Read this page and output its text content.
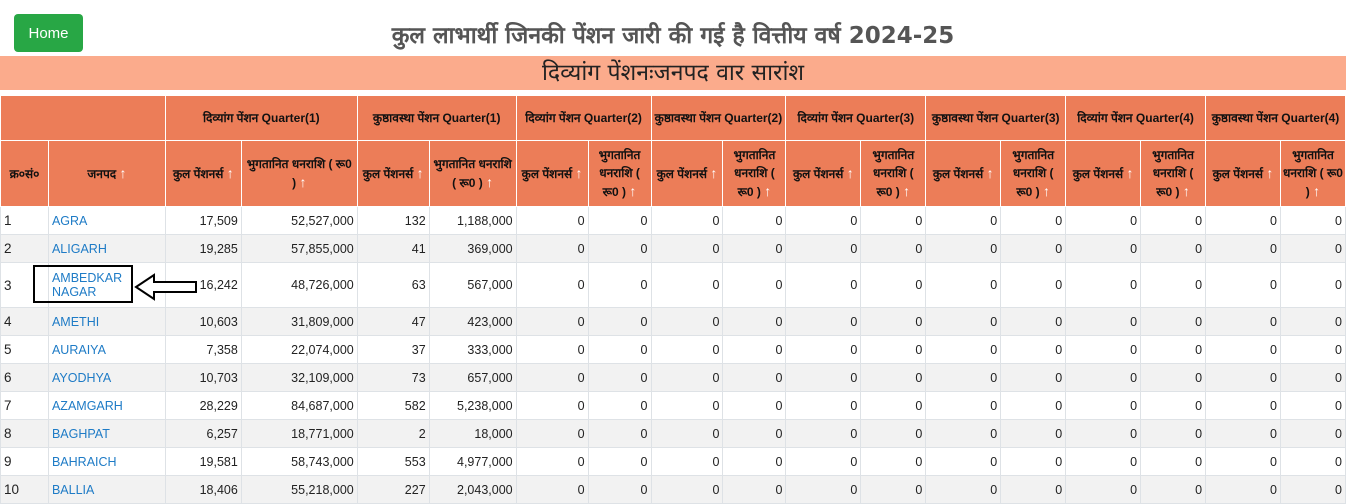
Home	कुल लाभार्थी जिनकी पेंशन जारी की गई है वित्तीय वर्ष 2024-25
दिव्यांग पेंशनःजनपद वार सारांश
		दिव्यांग पेंशन Quarter(1)		कुष्ठावस्था पेंशन Quarter(1)		दिव्यांग पेंशन Quarter(2)		कुष्ठावस्था पेंशन Quarter(2)		दिव्यांग पेंशन Quarter(3)		कुष्ठावस्था पेंशन Quarter(3)		दिव्यांग पेंशन Quarter(4)		कुष्ठावस्था पेंशन Quarter(4)	
क्र०सं०	जनपद ↑	कुल पेंशनर्स ↑	भुगतानित धनराशि ( रू0 ) ↑	कुल पेंशनर्स ↑	भुगतानित धनराशि ( रू0 ) ↑	कुल पेंशनर्स ↑	भुगतानित धनराशि ( रू0 ) ↑	कुल पेंशनर्स ↑	भुगतानित धनराशि ( रू0 ) ↑	कुल पेंशनर्स ↑	भुगतानित धनराशि ( रू0 ) ↑	कुल पेंशनर्स ↑	भुगतानित धनराशि ( रू0 ) ↑	कुल पेंशनर्स ↑	भुगतानित धनराशि ( रू0 ) ↑	कुल पेंशनर्स ↑	भुगतानित धनराशि ( रू0 ) ↑
1	AGRA	17,509	52,527,000	132	1,188,000	0	0	0	0	0	0	0	0	0	0	0	0
2	ALIGARH	19,285	57,855,000	41	369,000	0	0	0	0	0	0	0	0	0	0	0	0
3	AMBEDKAR NAGAR	16,242	48,726,000	63	567,000	0	0	0	0	0	0	0	0	0	0	0	0
4	AMETHI	10,603	31,809,000	47	423,000	0	0	0	0	0	0	0	0	0	0	0	0
5	AURAIYA	7,358	22,074,000	37	333,000	0	0	0	0	0	0	0	0	0	0	0	0
6	AYODHYA	10,703	32,109,000	73	657,000	0	0	0	0	0	0	0	0	0	0	0	0
7	AZAMGARH	28,229	84,687,000	582	5,238,000	0	0	0	0	0	0	0	0	0	0	0	0
8	BAGHPAT	6,257	18,771,000	2	18,000	0	0	0	0	0	0	0	0	0	0	0	0
9	BAHRAICH	19,581	58,743,000	553	4,977,000	0	0	0	0	0	0	0	0	0	0	0	0
10	BALLIA	18,406	55,218,000	227	2,043,000	0	0	0	0	0	0	0	0	0	0	0	0
